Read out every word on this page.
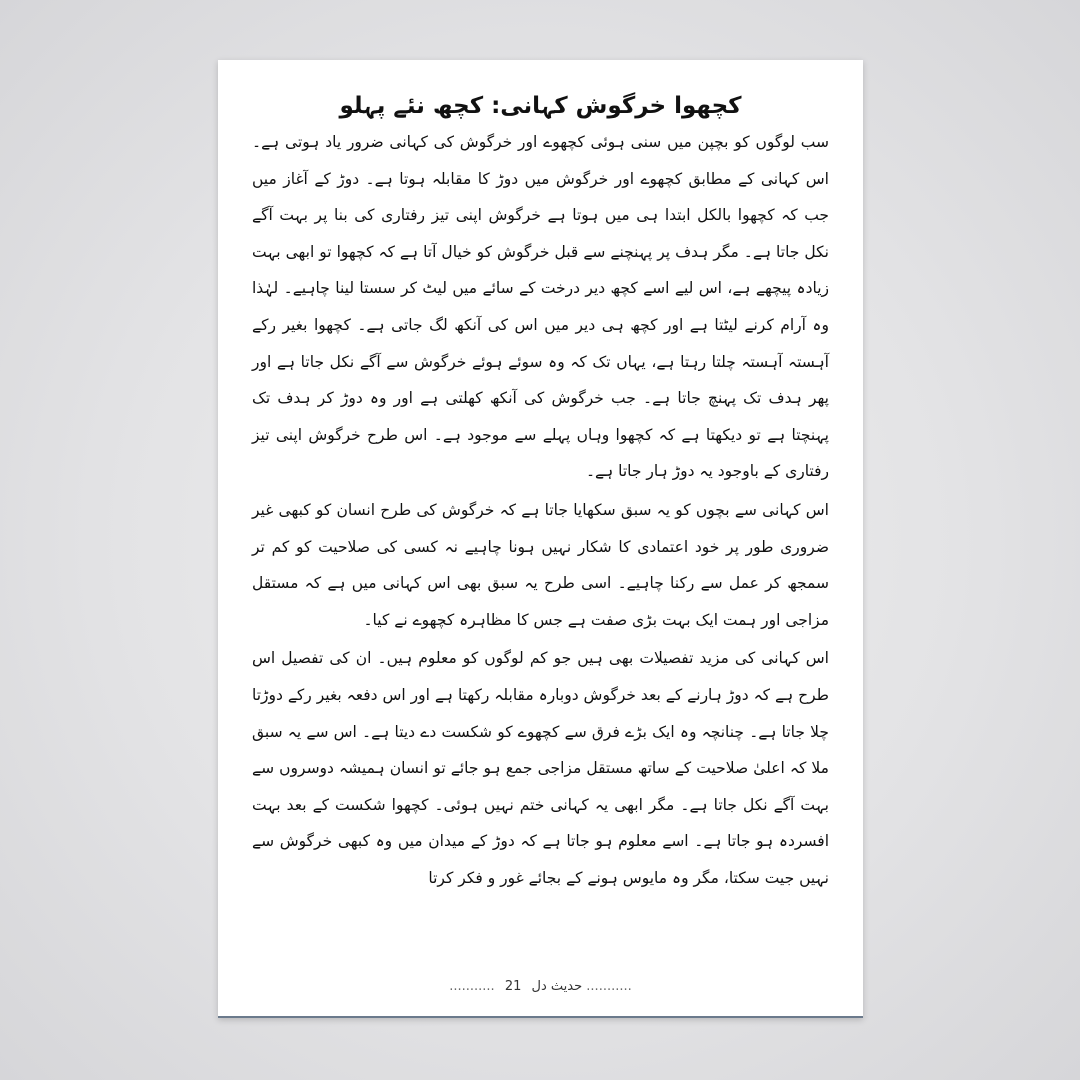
کچھوا خرگوش کہانی: کچھ نئے پہلو

سب لوگوں کو بچپن میں سنی ہوئی کچھوے اور خرگوش کی کہانی ضرور یاد ہوتی ہے۔ اس کہانی کے مطابق کچھوے اور خرگوش میں دوڑ کا مقابلہ ہوتا ہے۔ دوڑ کے آغاز میں جب کہ کچھوا بالکل ابتدا ہی میں ہوتا ہے خرگوش اپنی تیز رفتاری کی بنا پر بہت آگے نکل جاتا ہے۔ مگر ہدف پر پہنچنے سے قبل خرگوش کو خیال آتا ہے کہ کچھوا تو ابھی بہت زیادہ پیچھے ہے، اس لیے اسے کچھ دیر درخت کے سائے میں لیٹ کر سستا لینا چاہیے۔ لہٰذا وہ آرام کرنے لیٹتا ہے اور کچھ ہی دیر میں اس کی آنکھ لگ جاتی ہے۔ کچھوا بغیر رکے آہستہ آہستہ چلتا رہتا ہے، یہاں تک کہ وہ سوئے ہوئے خرگوش سے آگے نکل جاتا ہے اور پھر ہدف تک پہنچ جاتا ہے۔ جب خرگوش کی آنکھ کھلتی ہے اور وہ دوڑ کر ہدف تک پہنچتا ہے تو دیکھتا ہے کہ کچھوا وہاں پہلے سے موجود ہے۔ اس طرح خرگوش اپنی تیز رفتاری کے باوجود یہ دوڑ ہار جاتا ہے۔

اس کہانی سے بچوں کو یہ سبق سکھایا جاتا ہے کہ خرگوش کی طرح انسان کو کبھی غیر ضروری طور پر خود اعتمادی کا شکار نہیں ہونا چاہیے نہ کسی کی صلاحیت کو کم تر سمجھ کر عمل سے رکنا چاہیے۔ اسی طرح یہ سبق بھی اس کہانی میں ہے کہ مستقل مزاجی اور ہمت ایک بہت بڑی صفت ہے جس کا مظاہرہ کچھوے نے کیا۔

اس کہانی کی مزید تفصیلات بھی ہیں جو کم لوگوں کو معلوم ہیں۔ ان کی تفصیل اس طرح ہے کہ دوڑ ہارنے کے بعد خرگوش دوبارہ مقابلہ رکھتا ہے اور اس دفعہ بغیر رکے دوڑتا چلا جاتا ہے۔ چنانچہ وہ ایک بڑے فرق سے کچھوے کو شکست دے دیتا ہے۔ اس سے یہ سبق ملا کہ اعلیٰ صلاحیت کے ساتھ مستقل مزاجی جمع ہو جائے تو انسان ہمیشہ دوسروں سے بہت آگے نکل جاتا ہے۔ مگر ابھی یہ کہانی ختم نہیں ہوئی۔ کچھوا شکست کے بعد بہت افسردہ ہو جاتا ہے۔ اسے معلوم ہو جاتا ہے کہ دوڑ کے میدان میں وہ کبھی خرگوش سے نہیں جیت سکتا، مگر وہ مایوس ہونے کے بجائے غور و فکر کرتا

........... 21 حدیث دل ...........
